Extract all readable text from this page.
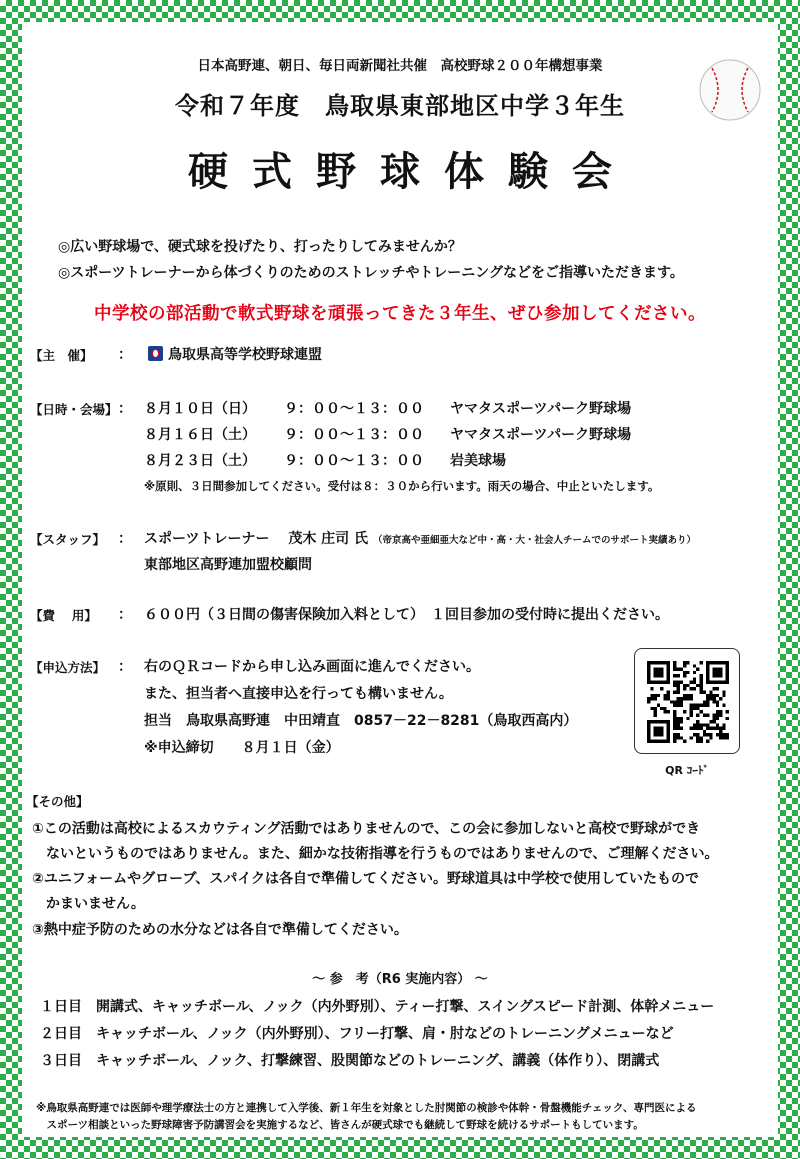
日本高野連、朝日、毎日両新聞社共催　高校野球２００年構想事業
令和７年度　鳥取県東部地区中学３年生
硬式野球体験会
◎広い野球場で、硬式球を投げたり、打ったりしてみませんか？
◎スポーツトレーナーから体づくりのためのストレッチやトレーニングなどをご指導いただきます。
中学校の部活動で軟式野球を頑張ってきた３年生、ぜひ参加してください。
【主　催】 ：	鳥取県高等学校野球連盟
【日時・会場】 ： ８月１０日（日） ９：００～１３：００ ヤマタスポーツパーク野球場
８月１６日（土） ９：００～１３：００ ヤマタスポーツパーク野球場
８月２３日（土） ９：００～１３：００ 岩美球場
※原則、３日間参加してください。受付は８：３０から行います。雨天の場合、中止といたします。
【スタッフ】 ： スポーツトレーナー　 茂木 庄司 氏 （帝京高や亜細亜大など中・高・大・社会人チームでのサポート実績あり）
東部地区高野連加盟校顧問
【費　 用】 ： ６００円（３日間の傷害保険加入料として）　１回目参加の受付時に提出ください。
【申込方法】 ： 右のＱＲコードから申し込み画面に進んでください。
また、担当者へ直接申込を行っても構いません。
担当　鳥取県高野連　中田靖直　0857－22－8281（鳥取西高内）
※申込締切　　８月１日（金）
QR ｺｰﾄﾞ
【その他】
①この活動は高校によるスカウティング活動ではありませんので、この会に参加しないと高校で野球ができ
　ないというものではありません。また、細かな技術指導を行うものではありませんので、ご理解ください。
②ユニフォームやグローブ、スパイクは各自で準備してください。野球道具は中学校で使用していたもので
　かまいません。
③熱中症予防のための水分などは各自で準備してください。
～ 参　考（R6 実施内容） ～
１日目 開講式、キャッチボール、ノック（内外野別）、ティー打撃、スイングスピード計測、体幹メニュー
２日目 キャッチボール、ノック（内外野別）、フリー打撃、肩・肘などのトレーニングメニューなど
３日目 キャッチボール、ノック、打撃練習、股関節などのトレーニング、講義（体作り）、閉講式
※鳥取県高野連では医師や理学療法士の方と連携して入学後、新１年生を対象とした肘関節の検診や体幹・骨盤機能チェック、専門医による
　スポーツ相談といった野球障害予防講習会を実施するなど、皆さんが硬式球でも継続して野球を続けるサポートもしています。
